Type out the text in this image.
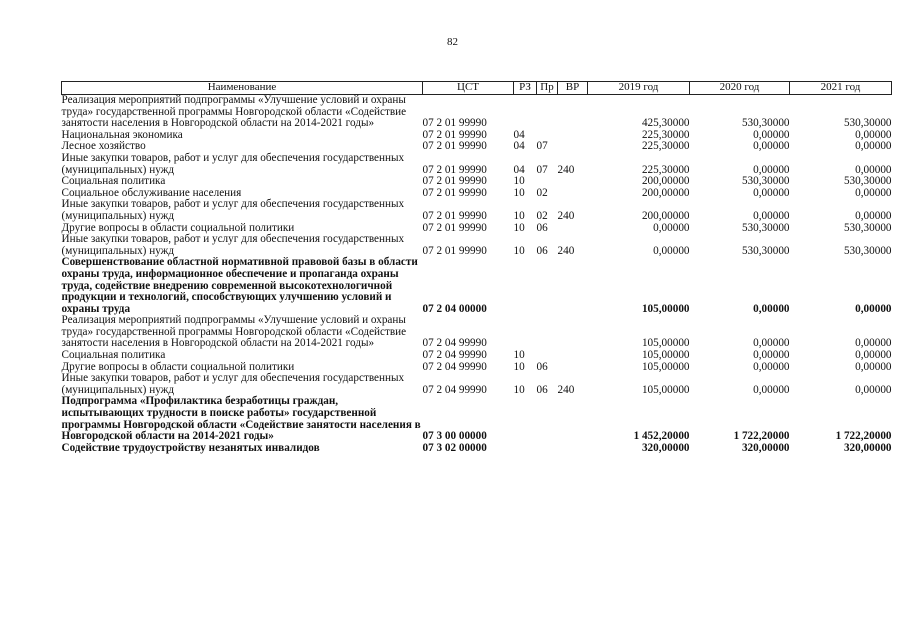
82
Наименование	ЦСТ	РЗ	Пр	ВР	2019 год	2020 год	2021 год
Реализация мероприятий подпрограммы «Улучшение условий и охраны труда» государственной программы Новгородской области «Содействие занятости населения в Новгородской области на 2014-2021 годы»	07 2 01 99990				425,30000	530,30000	530,30000
Национальная экономика	07 2 01 99990	04			225,30000	0,00000	0,00000
Лесное хозяйство	07 2 01 99990	04	07		225,30000	0,00000	0,00000
Иные закупки товаров, работ и услуг для обеспечения государственных (муниципальных) нужд	07 2 01 99990	04	07	240	225,30000	0,00000	0,00000
Социальная политика	07 2 01 99990	10			200,00000	530,30000	530,30000
Социальное обслуживание населения	07 2 01 99990	10	02		200,00000	0,00000	0,00000
Иные закупки товаров, работ и услуг для обеспечения государственных (муниципальных) нужд	07 2 01 99990	10	02	240	200,00000	0,00000	0,00000
Другие вопросы в области социальной политики	07 2 01 99990	10	06		0,00000	530,30000	530,30000
Иные закупки товаров, работ и услуг для обеспечения государственных (муниципальных) нужд	07 2 01 99990	10	06	240	0,00000	530,30000	530,30000
Совершенствование областной нормативной правовой базы в области охраны труда, информационное обеспечение и пропаганда охраны труда, содействие внедрению современной высокотехнологичной продукции и технологий, способствующих улучшению условий и охраны труда	07 2 04 00000				105,00000	0,00000	0,00000
Реализация мероприятий подпрограммы «Улучшение условий и охраны труда» государственной программы Новгородской области «Содействие занятости населения в Новгородской области на 2014-2021 годы»	07 2 04 99990				105,00000	0,00000	0,00000
Социальная политика	07 2 04 99990	10			105,00000	0,00000	0,00000
Другие вопросы в области социальной политики	07 2 04 99990	10	06		105,00000	0,00000	0,00000
Иные закупки товаров, работ и услуг для обеспечения государственных (муниципальных) нужд	07 2 04 99990	10	06	240	105,00000	0,00000	0,00000
Подпрограмма «Профилактика безработицы граждан, испытывающих трудности в поиске работы» государственной программы Новгородской области «Содействие занятости населения в Новгородской области на 2014-2021 годы»	07 3 00 00000				1 452,20000	1 722,20000	1 722,20000
Содействие трудоустройству незанятых инвалидов	07 3 02 00000				320,00000	320,00000	320,00000
